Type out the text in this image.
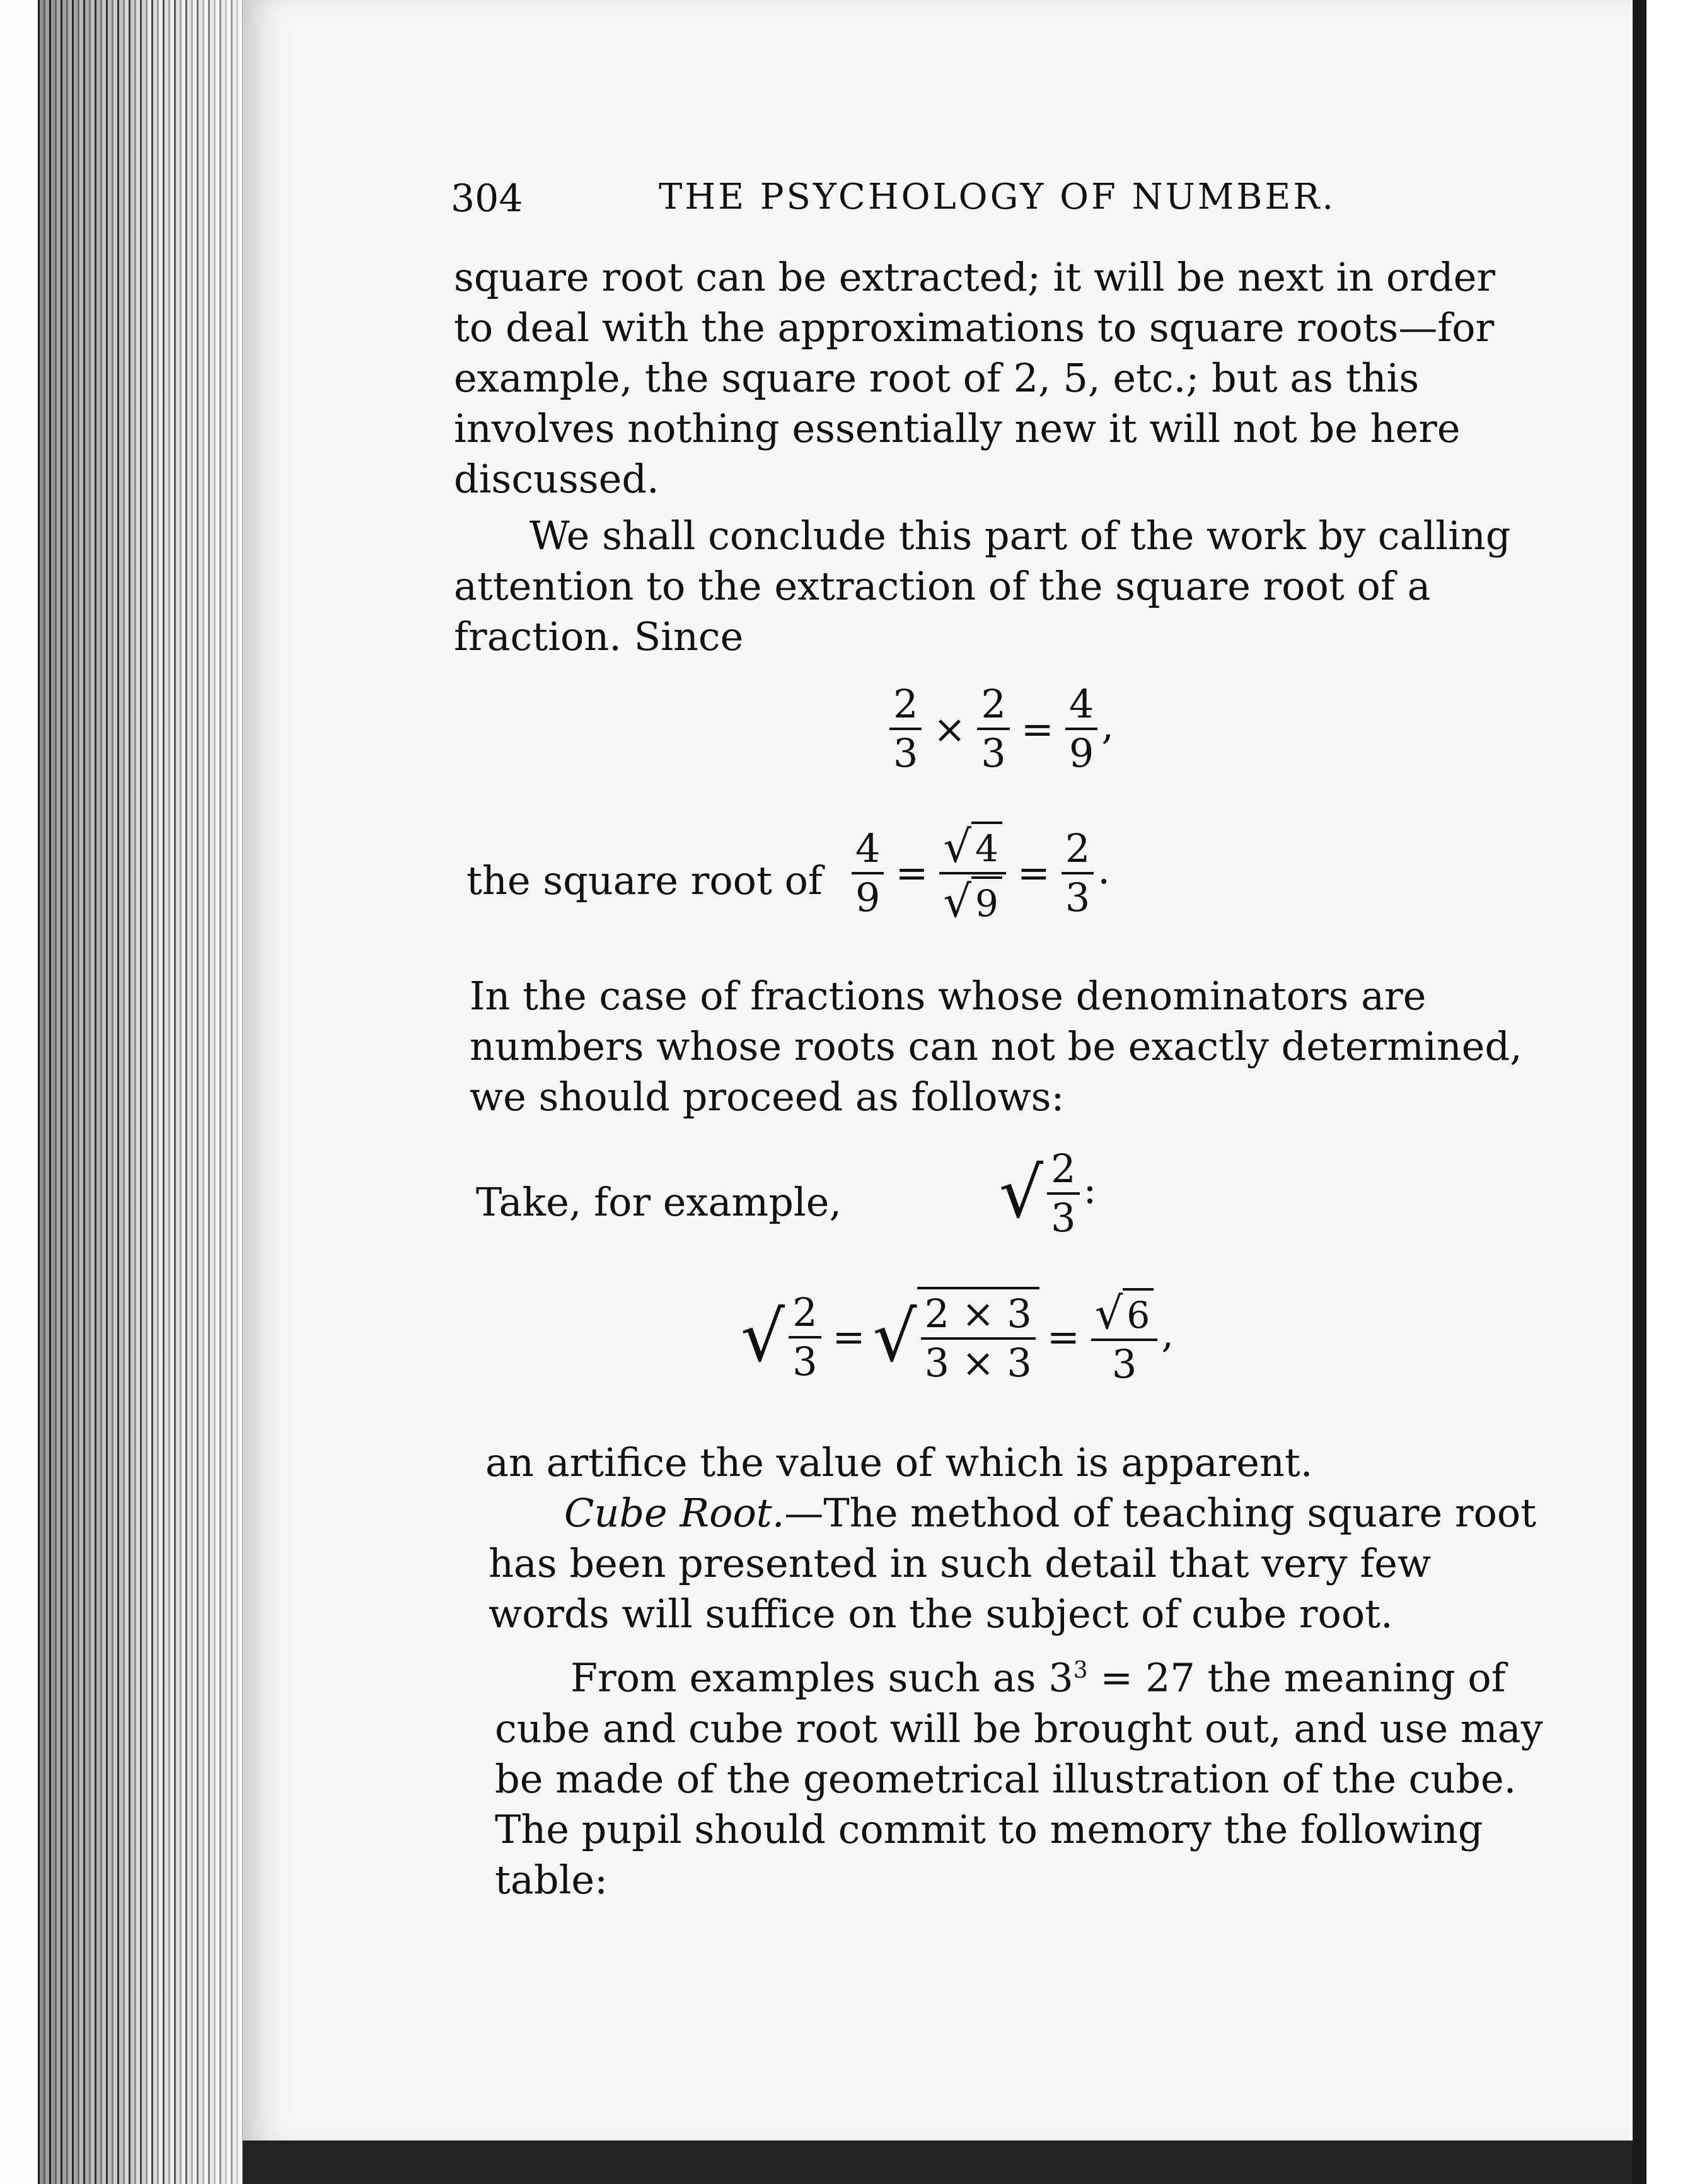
304	THE PSYCHOLOGY OF NUMBER.

square root can be extracted; it will be next in order to deal with the approximations to square roots—for example, the square root of 2, 5, etc.; but as this involves nothing essentially new it will not be here discussed.

We shall conclude this part of the work by calling attention to the extraction of the square root of a fraction. Since

$\frac{2}{3} \times \frac{2}{3} = \frac{4}{9}$ ,
the square root of $\frac{4}{9} = \frac{√ 4}{√ 9} = \frac{2}{3}$ .

In the case of fractions whose denominators are numbers whose roots can not be exactly determined, we should proceed as follows:

Take, for example, √ $\frac{2}{3}$ :
√ $\frac{2}{3}$ = √ $\frac{2 \times 3}{3 \times 3} = \frac{√ 6}{3}$ ,

an artifice the value of which is apparent.

Cube Root.—The method of teaching square root has been presented in such detail that very few words will suffice on the subject of cube root.

From examples such as $3^3 = 27$ the meaning of cube and cube root will be brought out, and use may be made of the geometrical illustration of the cube. The pupil should commit to memory the following table:
